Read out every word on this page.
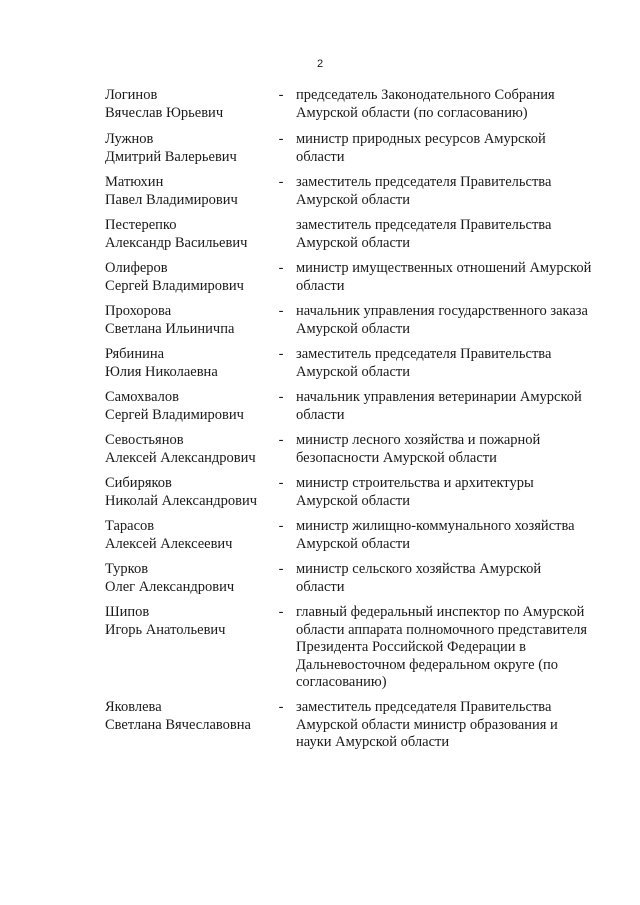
2
Логинов
Вячеслав Юрьевич
- председатель Законодательного Собрания
Амурской области (по согласованию)
Лужнов
Дмитрий Валерьевич
- министр природных ресурсов Амурской
области
Матюхин
Павел Владимирович
- заместитель председателя Правительства
Амурской области
Пестерепко
Александр Васильевич
заместитель председателя Правительства
Амурской области
Олиферов
Сергей Владимирович
- министр имущественных отношений Амурской
области
Прохорова
Светлана Ильиничпа
- начальник управления государственного заказа
Амурской области
Рябинина
Юлия Николаевна
- заместитель председателя Правительства
Амурской области
Самохвалов
Сергей Владимирович
- начальник управления ветеринарии Амурской
области
Севостьянов
Алексей Александрович
- министр лесного хозяйства и пожарной
безопасности Амурской области
Сибиряков
Николай Александрович
- министр строительства и архитектуры
Амурской области
Тарасов
Алексей Алексеевич
- министр жилищно-коммунального хозяйства
Амурской области
Турков
Олег Александрович
- министр сельского хозяйства Амурской
области
Шипов
Игорь Анатольевич
- главный федеральный инспектор по Амурской
области аппарата полномочного представителя
Президента Российской Федерации в
Дальневосточном федеральном округе (по
согласованию)
Яковлева
Светлана Вячеславовна
- заместитель председателя Правительства
Амурской области министр образования и
науки Амурской области
